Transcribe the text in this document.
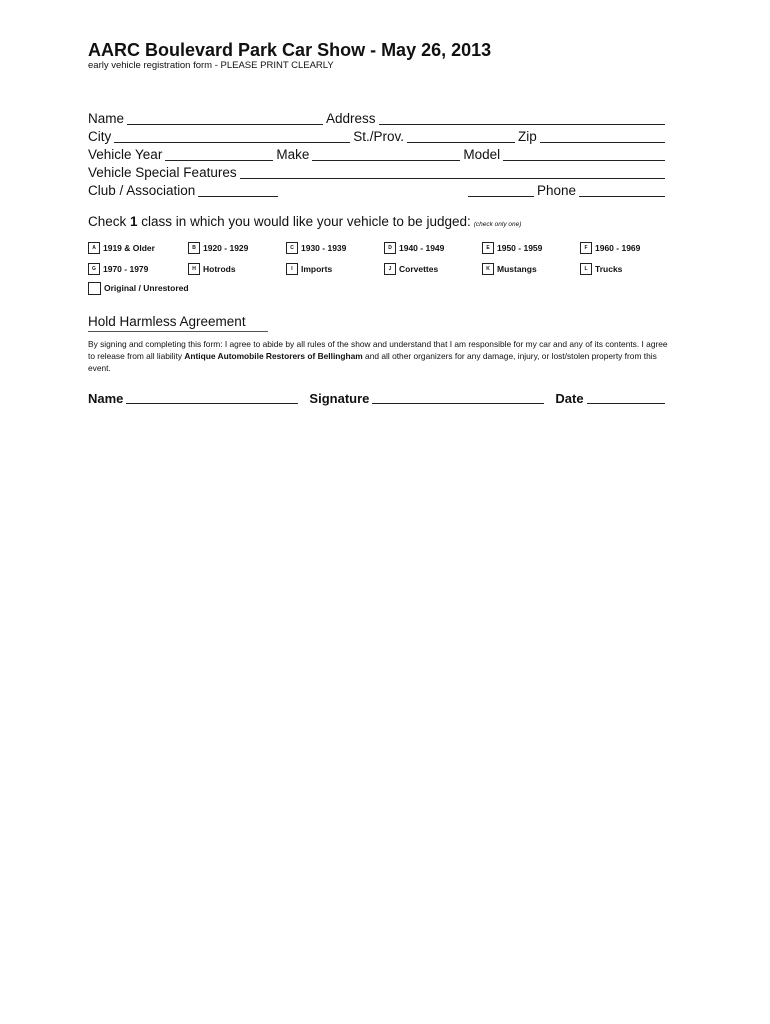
AARC Boulevard Park Car Show - May 26, 2013

early vehicle registration form - PLEASE PRINT CLEARLY

Name	Address
City	St./Prov.	Zip
Vehicle Year	Make	Model
Vehicle Special Features
Club / Association	Phone
Check 1 class in which you would like your vehicle to be judged: (check only one)
A 1919 & Older	B 1920 - 1929	C 1930 - 1939	D 1940 - 1949	E 1950 - 1959	F 1960 - 1969
G 1970 - 1979	H Hotrods	I Imports	J Corvettes	K Mustangs	L Trucks
Original / Unrestored
Hold Harmless Agreement
By signing and completing this form: I agree to abide by all rules of the show and understand that I am responsible for my car and any of its contents. I agree to release from all liability Antique Automobile Restorers of Bellingham and all other organizers for any damage, injury, or lost/stolen property from this event.
Name	Signature	Date
